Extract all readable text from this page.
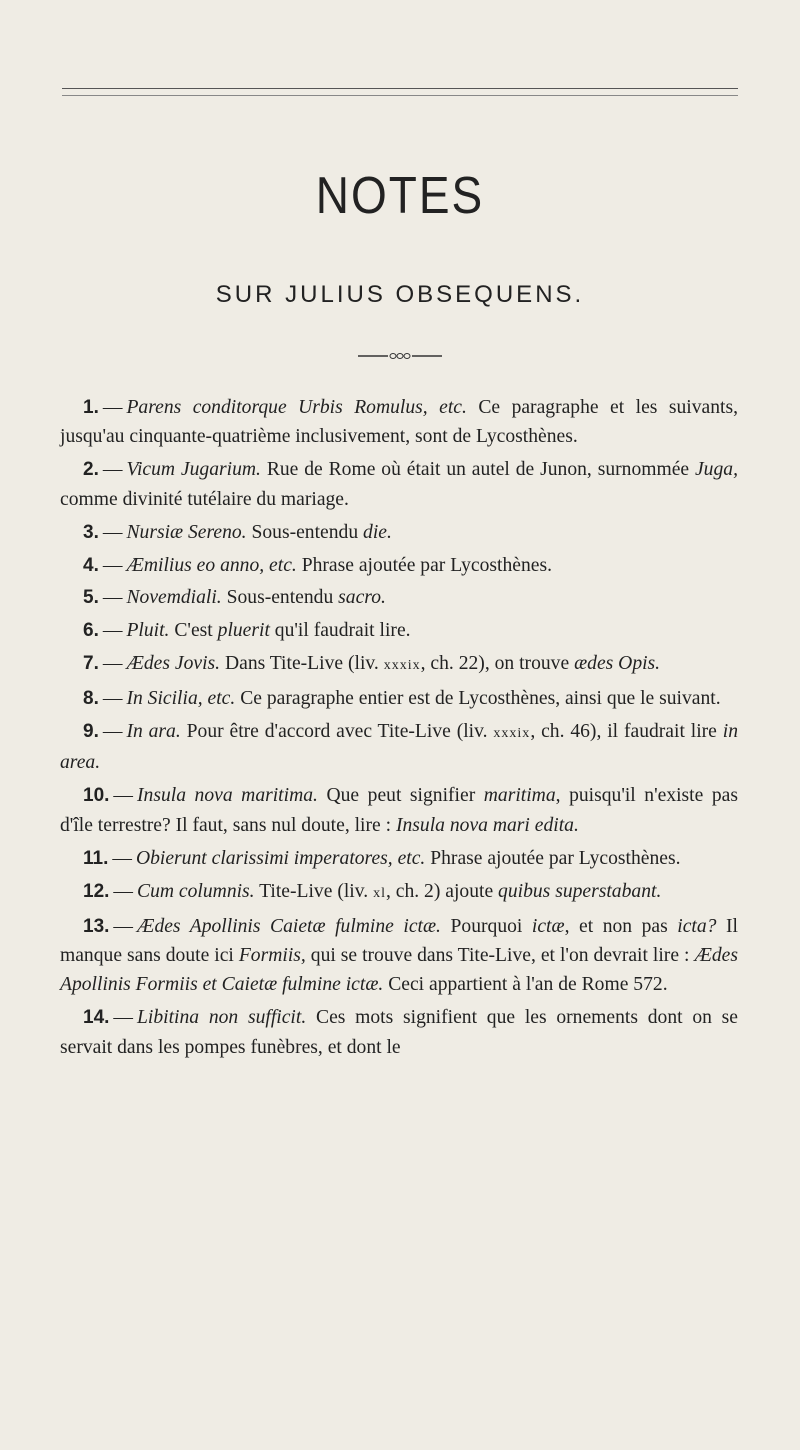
NOTES
SUR JULIUS OBSEQUENS.

1. — Parens conditorque Urbis Romulus, etc. Ce paragraphe et les suivants, jusqu'au cinquante-quatrième inclusivement, sont de Lycosthènes.

2. — Vicum Jugarium. Rue de Rome où était un autel de Junon, surnommée Juga, comme divinité tutélaire du mariage.

3. — Nursiæ Sereno. Sous-entendu die.

4. — Æmilius eo anno, etc. Phrase ajoutée par Lycosthènes.

5. — Novemdiali. Sous-entendu sacro.

6. — Pluit. C'est pluerit qu'il faudrait lire.

7. — Ædes Jovis. Dans Tite-Live (liv. xxxix, ch. 22), on trouve ædes Opis.

8. — In Sicilia, etc. Ce paragraphe entier est de Lycosthènes, ainsi que le suivant.

9. — In ara. Pour être d'accord avec Tite-Live (liv. xxxix, ch. 46), il faudrait lire in area.

10. — Insula nova maritima. Que peut signifier maritima, puisqu'il n'existe pas d'île terrestre? Il faut, sans nul doute, lire : Insula nova mari edita.

11. — Obierunt clarissimi imperatores, etc. Phrase ajoutée par Lycosthènes.

12. — Cum columnis. Tite-Live (liv. xl, ch. 2) ajoute quibus superstabant.

13. — Ædes Apollinis Caietæ fulmine ictæ. Pourquoi ictæ, et non pas icta? Il manque sans doute ici Formiis, qui se trouve dans Tite-Live, et l'on devrait lire : Ædes Apollinis Formiis et Caietæ fulmine ictæ. Ceci appartient à l'an de Rome 572.

14. — Libitina non sufficit. Ces mots signifient que les ornements dont on se servait dans les pompes funèbres, et dont le
